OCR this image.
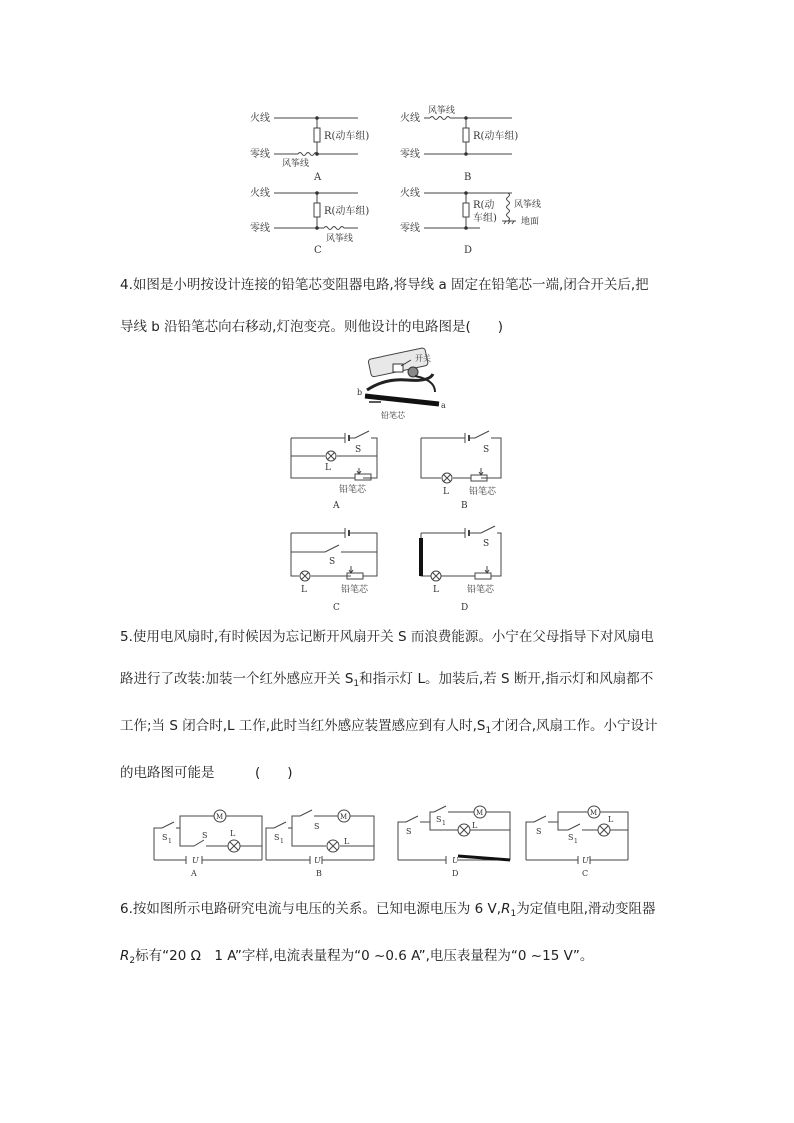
火线
零线
R(动车组)
风筝线
A
火线
零线
风筝线
R(动车组)
B
火线
零线
R(动车组)
风筝线
C
火线
零线
R(动
车组)
风筝线
地面
D

4.如图是小明按设计连接的铅笔芯变阻器电路,将导线 a 固定在铅笔芯一端,闭合开关后,把

导线 b 沿铅笔芯向右移动,灯泡变亮。则他设计的电路图是(　　)

开关
b
a
铅笔芯
S
L
铅笔芯
A
S
L 铅笔芯
B
S
L	铅笔芯
C
S
L	铅笔芯
D

5.使用电风扇时,有时候因为忘记断开风扇开关 S 而浪费能源。小宁在父母指导下对风扇电

路进行了改装:加装一个红外感应开关 $S_1$和指示灯 L。加装后,若 S 断开,指示灯和风扇都不

工作;当 S 闭合时,L 工作,此时当红外感应装置感应到有人时$,S_1$才闭合,风扇工作。小宁设计

的电路图可能是　　　(　　)

M
S 1
S	L
U
A
M
S 1
S
L
U
B
M
S
S 1	L
U
D
M
S
S 1
L
U
C

6.按如图所示电路研究电流与电压的关系。已知电源电压为 6 $V,R_1$为定值电阻,滑动变阻器

$R_2$标有“20 Ω　1 A”字样,电流表量程为“0 ~0.6 A”,电压表量程为“0 ~15 V”。
